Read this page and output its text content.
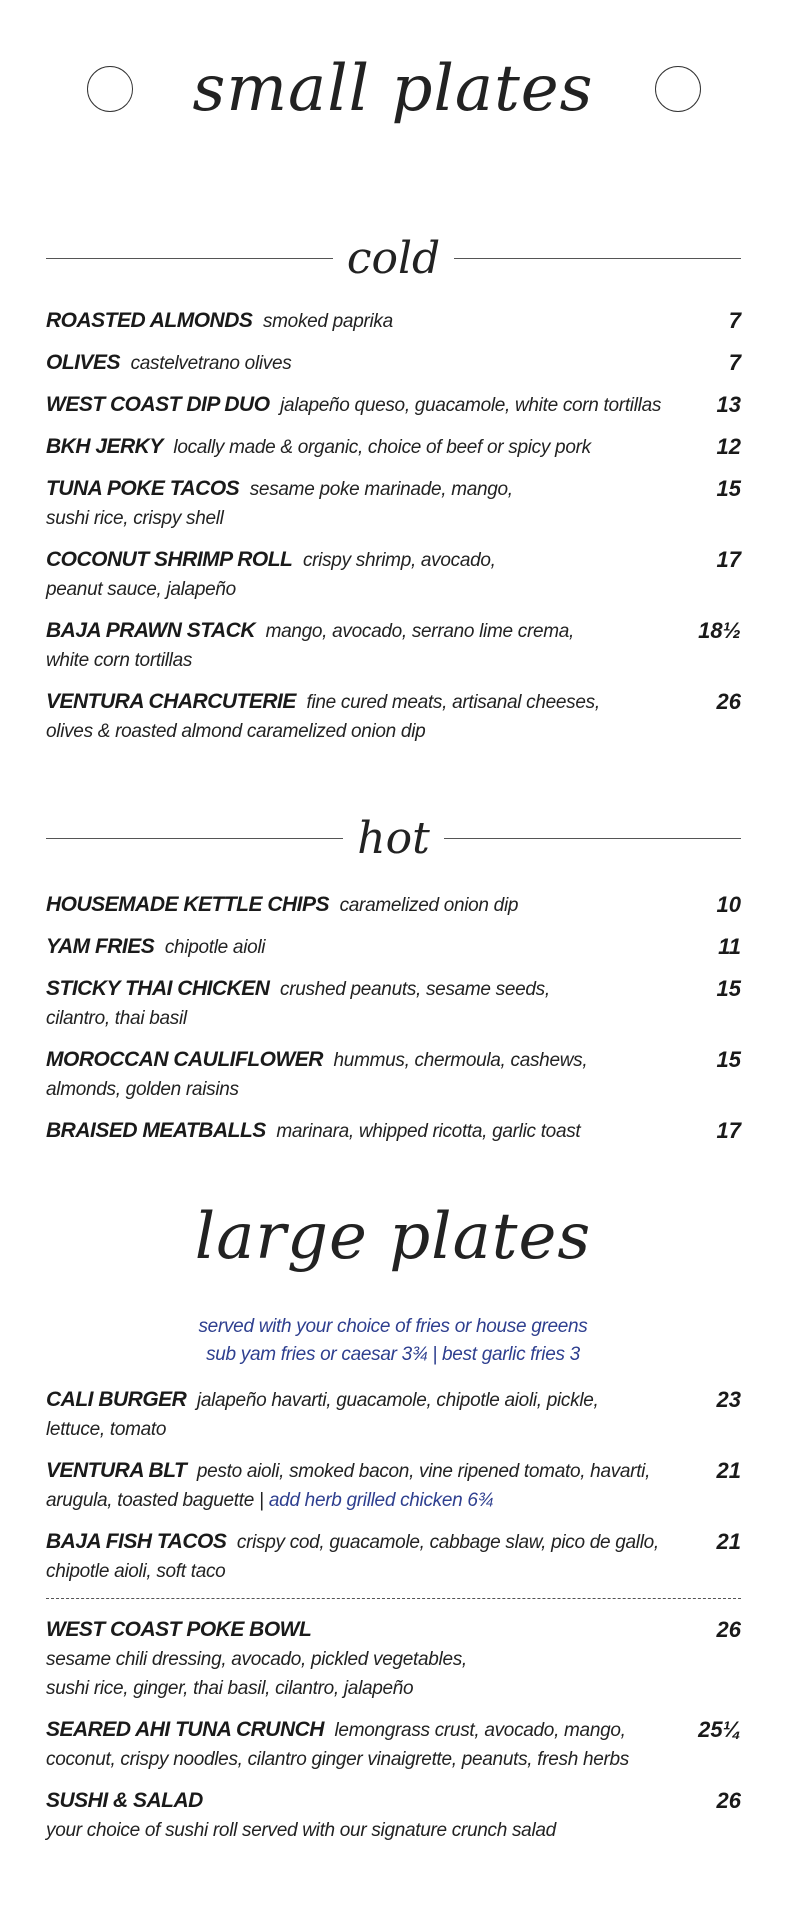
small plates
cold
ROASTED ALMONDS smoked paprika	7
OLIVES castelvetrano olives	7
WEST COAST DIP DUO jalapeño queso, guacamole, white corn tortillas	13
BKH JERKY locally made & organic, choice of beef or spicy pork	12
TUNA POKE TACOS sesame poke marinade, mango,
sushi rice, crispy shell
15
COCONUT SHRIMP ROLL crispy shrimp, avocado,
peanut sauce, jalapeño
17
BAJA PRAWN STACK mango, avocado, serrano lime crema,
white corn tortillas
18½
VENTURA CHARCUTERIE fine cured meats, artisanal cheeses,
olives & roasted almond caramelized onion dip
26
hot
HOUSEMADE KETTLE CHIPS caramelized onion dip	10
YAM FRIES chipotle aioli	11
STICKY THAI CHICKEN crushed peanuts, sesame seeds,
cilantro, thai basil
15
MOROCCAN CAULIFLOWER hummus, chermoula, cashews,
almonds, golden raisins
15
BRAISED MEATBALLS marinara, whipped ricotta, garlic toast	17
large plates
served with your choice of fries or house greens
sub yam fries or caesar 3¾ | best garlic fries 3
CALI BURGER jalapeño havarti, guacamole, chipotle aioli, pickle,
lettuce, tomato
23
VENTURA BLT pesto aioli, smoked bacon, vine ripened tomato, havarti,
arugula, toasted baguette | add herb grilled chicken 6¾
21
BAJA FISH TACOS crispy cod, guacamole, cabbage slaw, pico de gallo,
chipotle aioli, soft taco
21
WEST COAST POKE BOWL
sesame chili dressing, avocado, pickled vegetables,
sushi rice, ginger, thai basil, cilantro, jalapeño
26
SEARED AHI TUNA CRUNCH lemongrass crust, avocado, mango,
coconut, crispy noodles, cilantro ginger vinaigrette, peanuts, fresh herbs
25¼
SUSHI & SALAD
your choice of sushi roll served with our signature crunch salad
26
